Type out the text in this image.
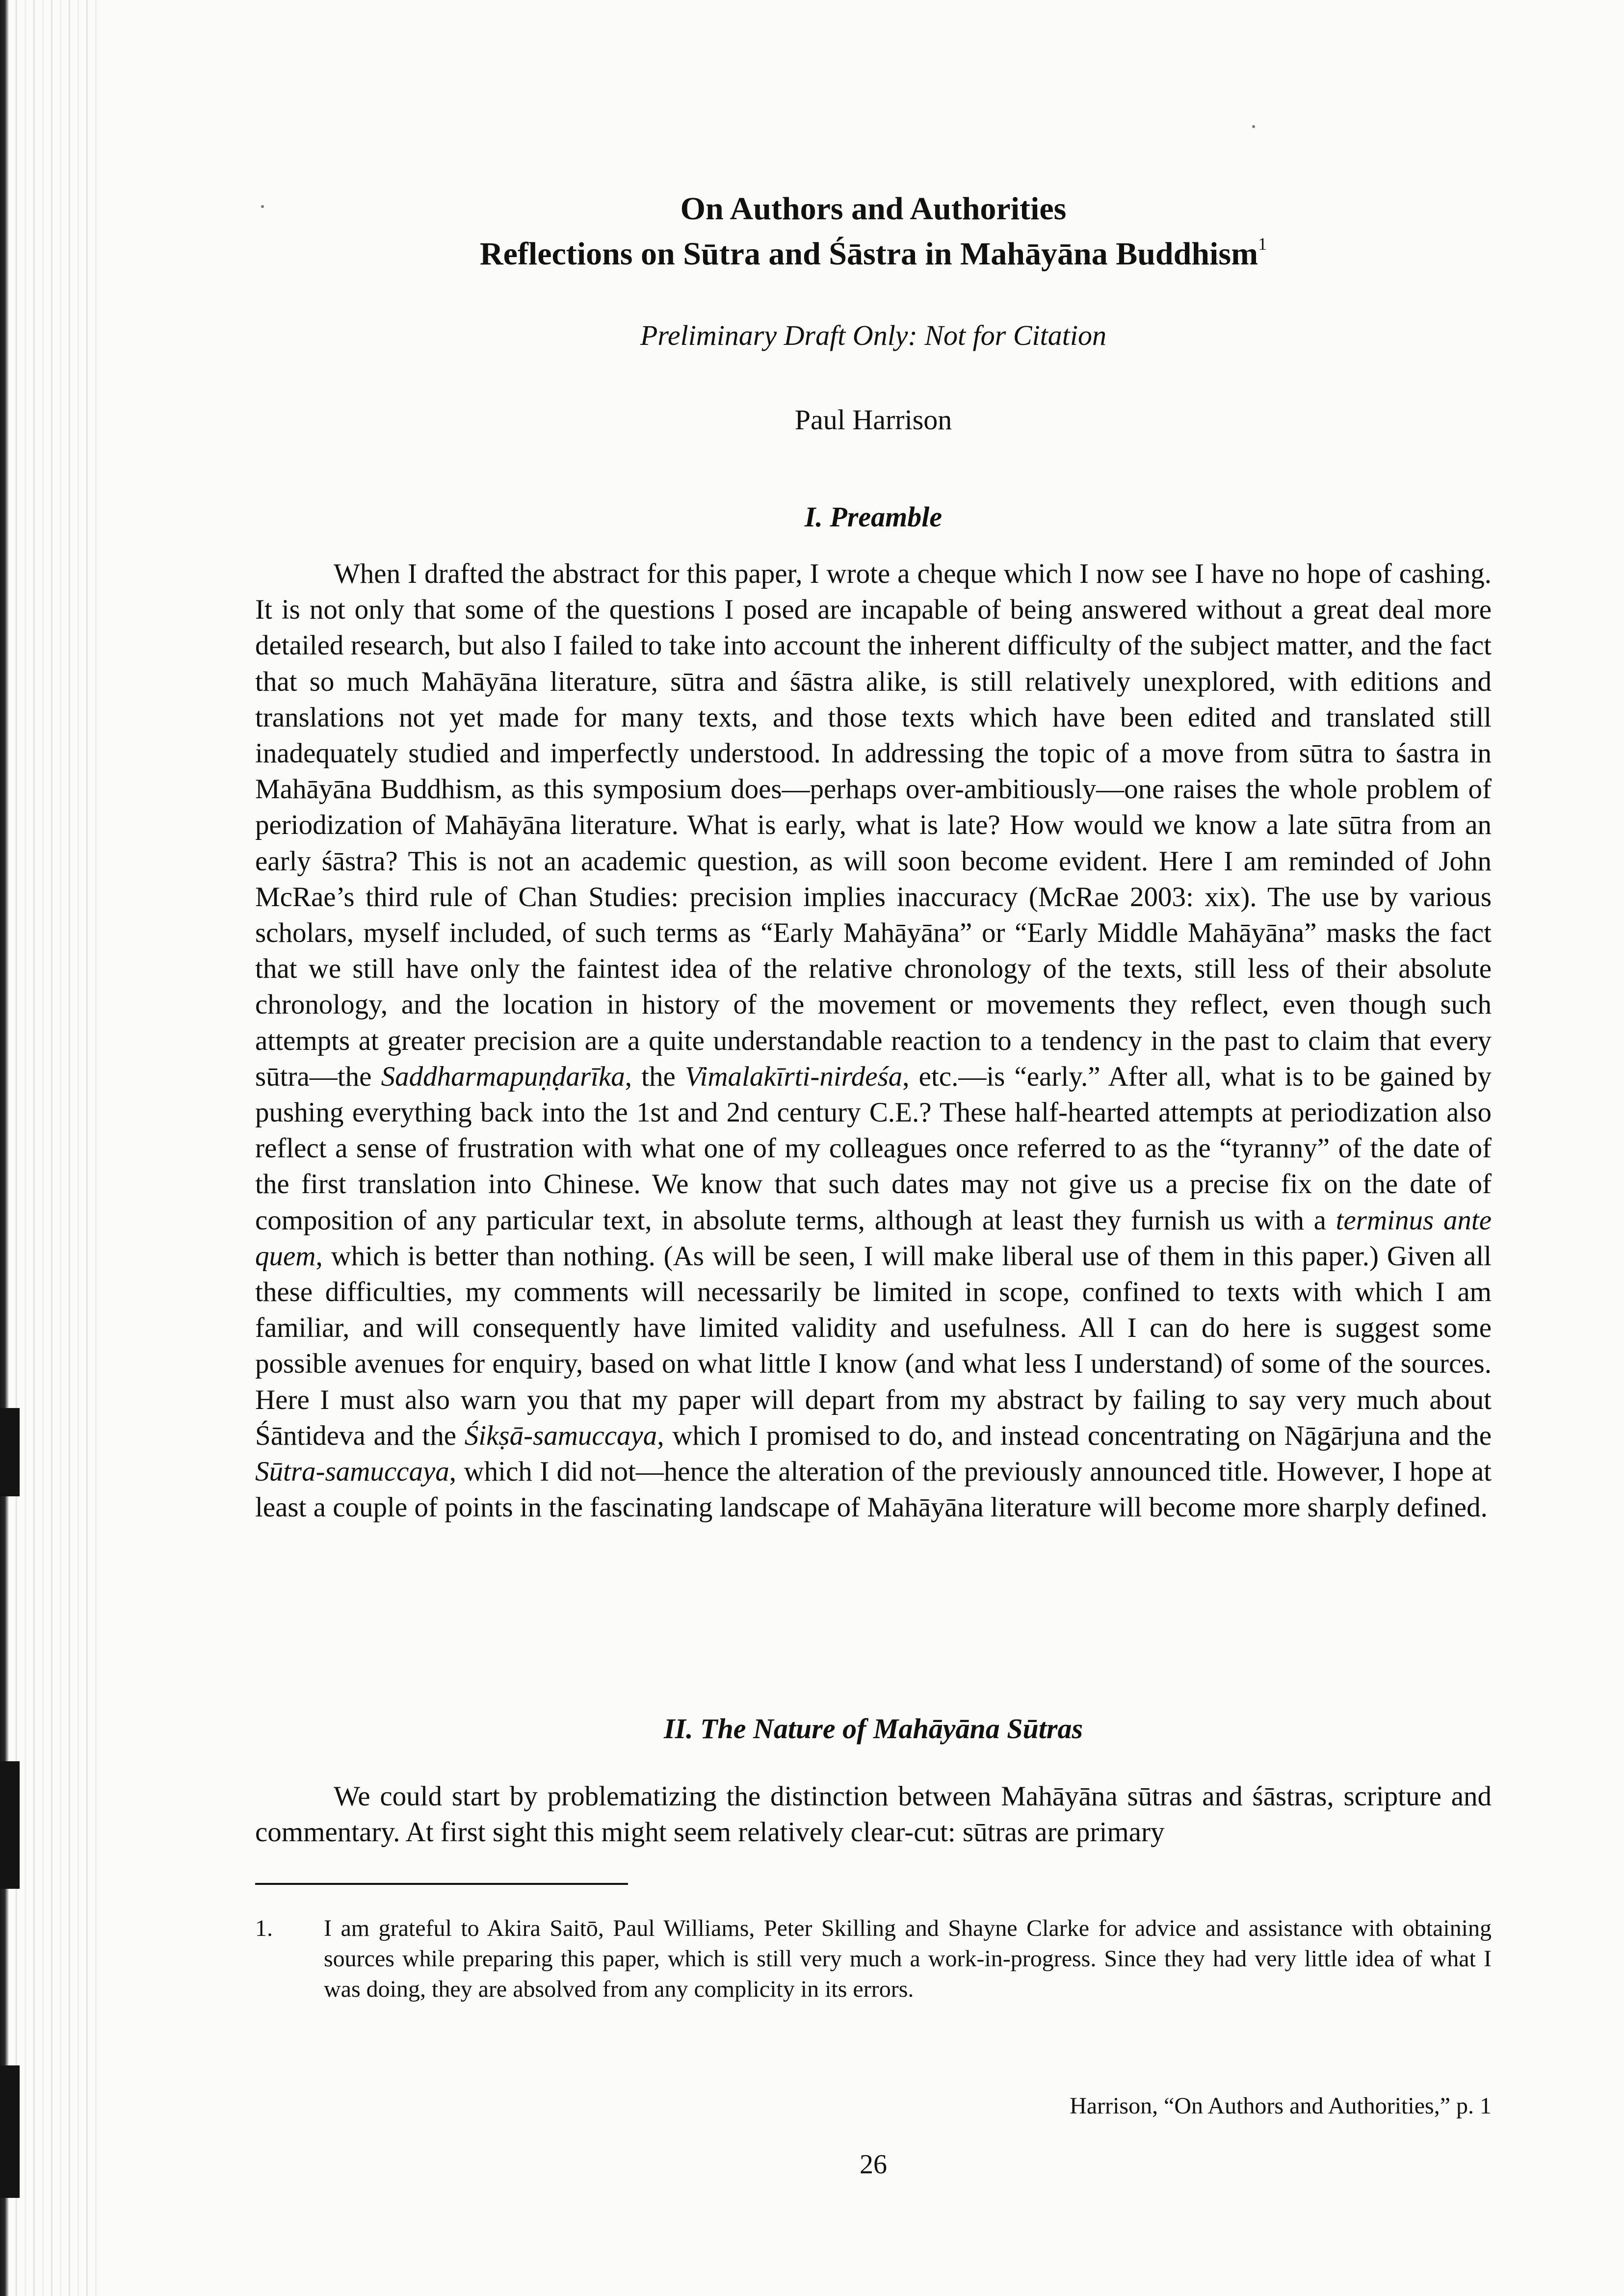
On Authors and Authorities

Reflections on Sūtra and Śāstra in Mahāyāna Buddhism$^1$

Preliminary Draft Only: Not for Citation
Paul Harrison
I. Preamble

When I drafted the abstract for this paper, I wrote a cheque which I now see I have no hope of cashing. It is not only that some of the questions I posed are incapable of being answered without a great deal more detailed research, but also I failed to take into account the inherent difficulty of the subject matter, and the fact that so much Mahāyāna literature, sūtra and śāstra alike, is still relatively unexplored, with editions and translations not yet made for many texts, and those texts which have been edited and translated still inadequately studied and imperfectly understood. In addressing the topic of a move from sūtra to śastra in Mahāyāna Buddhism, as this symposium does—perhaps over-ambitiously—one raises the whole problem of periodization of Mahāyāna literature. What is early, what is late? How would we know a late sūtra from an early śāstra? This is not an academic question, as will soon become evident. Here I am reminded of John McRae’s third rule of Chan Studies: precision implies inaccuracy (McRae 2003: xix). The use by various scholars, myself included, of such terms as “Early Mahāyāna” or “Early Middle Mahāyāna” masks the fact that we still have only the faintest idea of the relative chronology of the texts, still less of their absolute chronology, and the location in history of the movement or movements they reflect, even though such attempts at greater precision are a quite understandable reaction to a tendency in the past to claim that every sūtra—the Saddharmapuṇḍarīka, the Vimalakīrti-nirdeśa, etc.—is “early.” After all, what is to be gained by pushing everything back into the 1st and 2nd century C.E.? These half-hearted attempts at periodization also reflect a sense of frustration with what one of my colleagues once referred to as the “tyranny” of the date of the first translation into Chinese. We know that such dates may not give us a precise fix on the date of composition of any particular text, in absolute terms, although at least they furnish us with a terminus ante quem, which is better than nothing. (As will be seen, I will make liberal use of them in this paper.) Given all these difficulties, my comments will necessarily be limited in scope, confined to texts with which I am familiar, and will consequently have limited validity and usefulness. All I can do here is suggest some possible avenues for enquiry, based on what little I know (and what less I understand) of some of the sources. Here I must also warn you that my paper will depart from my abstract by failing to say very much about Śāntideva and the Śikṣā-samuccaya, which I promised to do, and instead concentrating on Nāgārjuna and the Sūtra-samuccaya, which I did not—hence the alteration of the previously announced title. However, I hope at least a couple of points in the fascinating landscape of Mahāyāna literature will become more sharply defined.

II. The Nature of Mahāyāna Sūtras

We could start by problematizing the distinction between Mahāyāna sūtras and śāstras, scripture and commentary. At first sight this might seem relatively clear-cut: sūtras are primary

1.	I am grateful to Akira Saitō, Paul Williams, Peter Skilling and Shayne Clarke for advice and assistance with obtaining sources while preparing this paper, which is still very much a work-in-progress. Since they had very little idea of what I was doing, they are absolved from any complicity in its errors.

Harrison, “On Authors and Authorities,” p. 1
26
